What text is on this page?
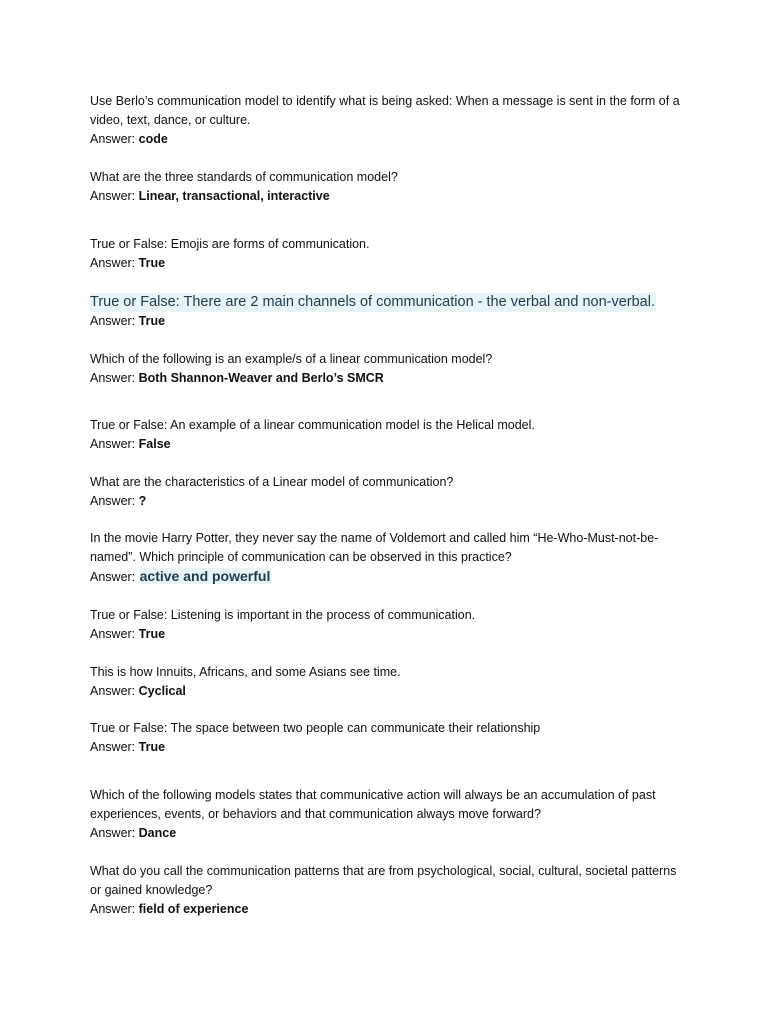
Use Berlo’s communication model to identify what is being asked: When a message is sent in the form of a video, text, dance, or culture.
Answer: code
What are the three standards of communication model?
Answer: Linear, transactional, interactive
True or False: Emojis are forms of communication.
Answer: True
True or False: There are 2 main channels of communication - the verbal and non-verbal.
Answer: True
Which of the following is an example/s of a linear communication model?
Answer: Both Shannon-Weaver and Berlo’s SMCR
True or False: An example of a linear communication model is the Helical model.
Answer: False
What are the characteristics of a Linear model of communication?
Answer: ?
In the movie Harry Potter, they never say the name of Voldemort and called him “He-Who-Must-not-be-named”. Which principle of communication can be observed in this practice?
Answer: active and powerful
True or False: Listening is important in the process of communication.
Answer: True
This is how Innuits, Africans, and some Asians see time.
Answer: Cyclical
True or False: The space between two people can communicate their relationship
Answer: True
Which of the following models states that communicative action will always be an accumulation of past experiences, events, or behaviors and that communication always move forward?
Answer: Dance
What do you call the communication patterns that are from psychological, social, cultural, societal patterns or gained knowledge?
Answer: field of experience
